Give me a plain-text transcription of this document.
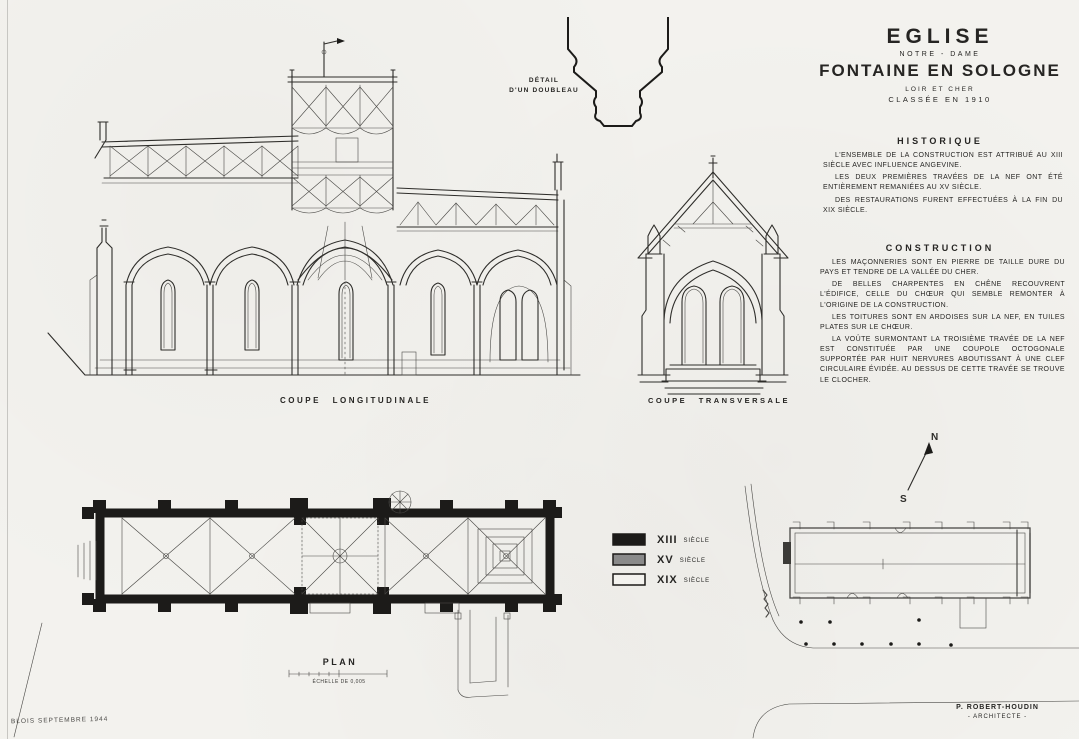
EGLISE
NOTRE - DAME
FONTAINE EN SOLOGNE
LOIR ET CHER
CLASSÉE EN 1910
HISTORIQUE

L'ENSEMBLE DE LA CONSTRUCTION EST ATTRIBUÉ AU XIII SIÈCLE AVEC INFLUENCE ANGEVINE.

LES DEUX PREMIÈRES TRAVÉES DE LA NEF ONT ÉTÉ ENTIÈREMENT REMANIÉES AU XV SIÈCLE.

DES RESTAURATIONS FURENT EFFECTUÉES À LA FIN DU XIX SIÈCLE.

CONSTRUCTION

LES MAÇONNERIES SONT EN PIERRE DE TAILLE DURE DU PAYS ET TENDRE DE LA VALLÉE DU CHER.

DE BELLES CHARPENTES EN CHÊNE RECOUVRENT L'ÉDIFICE, CELLE DU CHŒUR QUI SEMBLE REMONTER À L'ORIGINE DE LA CONSTRUCTION.

LES TOITURES SONT EN ARDOISES SUR LA NEF, EN TUILES PLATES SUR LE CHŒUR.

LA VOÛTE SURMONTANT LA TROISIÈME TRAVÉE DE LA NEF EST CONSTITUÉE PAR UNE COUPOLE OCTOGONALE SUPPORTÉE PAR HUIT NERVURES ABOUTISSANT À UNE CLEF CIRCULAIRE ÉVIDÉE. AU DESSUS DE CETTE TRAVÉE SE TROUVE LE CLOCHER.

N
S
DÉTAIL
D'UN DOUBLEAU
COUPE LONGITUDINALE	COUPE TRANSVERSALE
PLAN
ÉCHELLE DE 0,005
XIII SIÈCLE
XV SIÈCLE
XIX SIÈCLE
BLOIS SEPTEMBRE 1944
P. ROBERT-HOUDIN
- ARCHITECTE -
